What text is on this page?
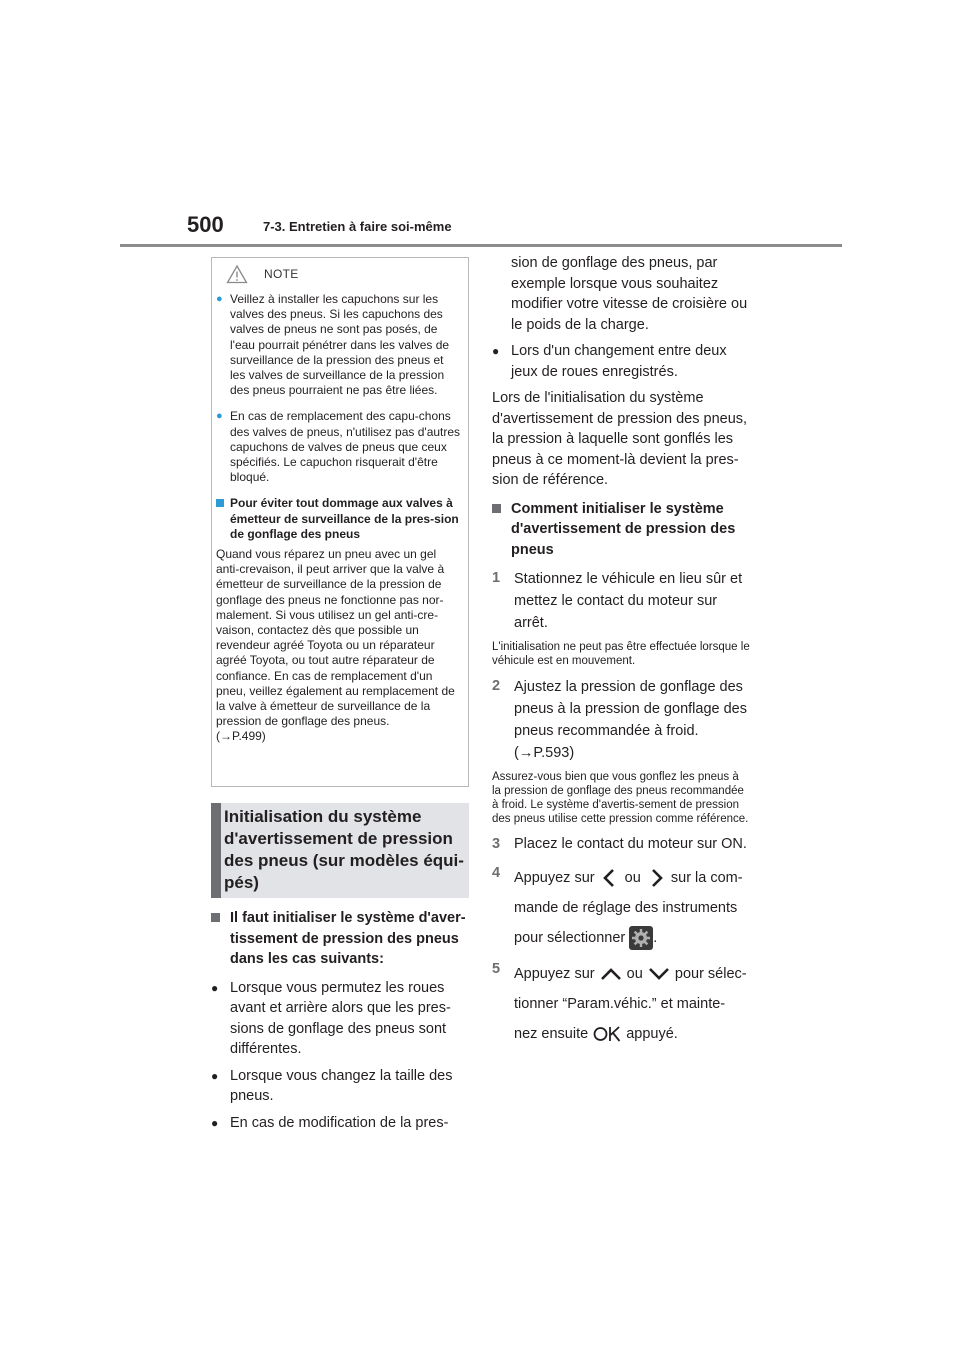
500	7-3. Entretien à faire soi-même
NOTE
● Veillez à installer les capuchons sur les valves des pneus. Si les capuchons des valves de pneus ne sont pas posés, de l'eau pourrait pénétrer dans les valves de surveillance de la pression des pneus et les valves de surveillance de la pression des pneus pourraient ne pas être liées.
● En cas de remplacement des capu-chons des valves de pneus, n'utilisez pas d'autres capuchons de valves de pneus que ceux spécifiés. Le capuchon risquerait d'être bloqué.
Pour éviter tout dommage aux valves à émetteur de surveillance de la pres-sion de gonflage des pneus
Quand vous réparez un pneu avec un gel anti-crevaison, il peut arriver que la valve à émetteur de surveillance de la pression de gonflage des pneus ne fonctionne pas nor-malement. Si vous utilisez un gel anti-cre-vaison, contactez dès que possible un revendeur agréé Toyota ou un réparateur agréé Toyota, ou tout autre réparateur de confiance. En cas de remplacement d'un pneu, veillez également au remplacement de la valve à émetteur de surveillance de la pression de gonflage des pneus.
(→P.499)
Initialisation du système d'avertissement de pression des pneus (sur modèles équi-pés)
Il faut initialiser le système d'aver-tissement de pression des pneus dans les cas suivants:
● Lorsque vous permutez les roues avant et arrière alors que les pres-sions de gonflage des pneus sont différentes.
● Lorsque vous changez la taille des pneus.
● En cas de modification de la pres-
sion de gonflage des pneus, par exemple lorsque vous souhaitez modifier votre vitesse de croisière ou le poids de la charge.
● Lors d'un changement entre deux jeux de roues enregistrés.
Lors de l'initialisation du système d'avertissement de pression des pneus, la pression à laquelle sont gonflés les pneus à ce moment-là devient la pres-sion de référence.
Comment initialiser le système d'avertissement de pression des pneus
1 Stationnez le véhicule en lieu sûr et mettez le contact du moteur sur arrêt.
L'initialisation ne peut pas être effectuée lorsque le véhicule est en mouvement.
2 Ajustez la pression de gonflage des pneus à la pression de gonflage des pneus recommandée à froid.
(→P.593)
Assurez-vous bien que vous gonflez les pneus à la pression de gonflage des pneus recommandée à froid. Le système d'avertis-sement de pression des pneus utilise cette pression comme référence.
3 Placez le contact du moteur sur ON.
4 Appuyez sur ou sur la com-mande de réglage des instruments pour sélectionner .
5 Appuyez sur ou pour sélec-tionner “Param.véhic.” et mainte- nez ensuite	appuyé.
